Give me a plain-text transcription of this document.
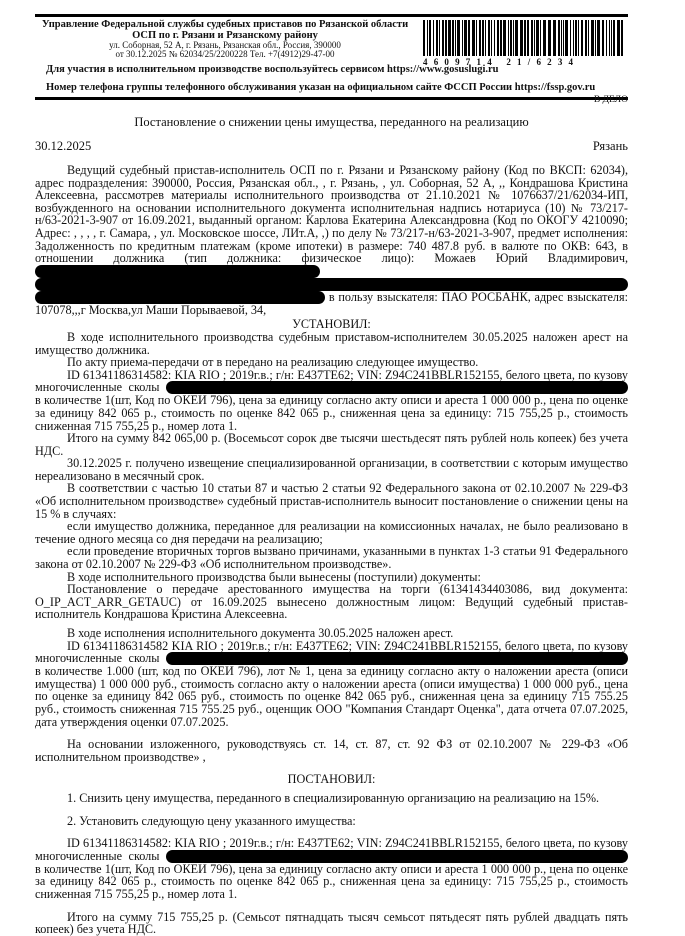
Управление Федеральной службы судебных приставов по Рязанской области
ОСП по г. Рязани и Рязанскому району
ул. Соборная, 52 А, г. Рязань, Рязанская обл., Россия, 390000
от 30.12.2025 № 62034/25/2200228 Тел. +7(4912)29-47-00
4609714 21/6234
Для участия в исполнительном производстве воспользуйтесь сервисом https://www.gosuslugi.ru
Номер телефона группы телефонного обслуживания указан на официальном сайте ФССП России https://fssp.gov.ru
В ДЕЛО
Постановление о снижении цены имущества, переданного на реализацию
30.12.2025	Рязань

Ведущий судебный пристав-исполнитель ОСП по г. Рязани и Рязанскому району (Код по ВКСП: 62034), адрес подразделения: 390000, Россия, Рязанская обл., , г. Рязань, , ул. Соборная, 52 А, ,, Кондрашова Кристина Алексеевна, рассмотрев материалы исполнительного производства от 21.10.2021 № 1076637/21/62034-ИП, возбужденного на основании исполнительного документа исполнительная надпись нотариуса (10) № 73/217-н/63-2021-3-907 от 16.09.2021, выданный органом: Карлова Екатерина Александровна (Код по ОКОГУ 4210090; Адрес: , , , , г. Самара, , ул. Московское шоссе, ЛИт.А, ,) по делу № 73/217-н/63-2021-3-907, предмет исполнения: Задолженность по кредитным платежам (кроме ипотеки) в размере: 740 487.8 руб. в валюте по ОКВ: 643, в отношении должника (тип должника: физическое лицо): Можаев Юрий Владимирович,  в пользу взыскателя: ПАО РОСБАНК, адрес взыскателя: 107078,,,г Москва,ул Маши Порываевой, 34,

УСТАНОВИЛ:

В ходе исполнительного производства судебным приставом-исполнителем 30.05.2025 наложен арест на имущество должника.

По акту приема-передачи от в передано на реализацию следующее имущество.

ID 61341186314582: KIA RIO ; 2019г.в.; г/н: Е437ТЕ62; VIN: Z94C241BBLR152155, белого цвета, по кузову многочисленные сколы  в количестве 1(шт, Код по ОКЕИ 796), цена за единицу согласно акту описи и ареста 1 000 000 р., цена по оценке за единицу 842 065 р., стоимость по оценке 842 065 р., сниженная цена за единицу: 715 755,25 р., стоимость сниженная 715 755,25 р., номер лота 1.

Итого на сумму 842 065,00 р. (Восемьсот сорок две тысячи шестьдесят пять рублей ноль копеек) без учета НДС.

30.12.2025 г. получено извещение специализированной организации, в соответствии с которым имущество нереализовано в месячный срок.

В соответствии с частью 10 статьи 87 и частью 2 статьи 92 Федерального закона от 02.10.2007 № 229-ФЗ «Об исполнительном производстве» судебный пристав-исполнитель выносит постановление о снижении цены на 15 % в случаях:

если имущество должника, переданное для реализации на комиссионных началах, не было реализовано в течение одного месяца со дня передачи на реализацию;

если проведение вторичных торгов вызвано причинами, указанными в пунктах 1-3 статьи 91 Федерального закона от 02.10.2007 № 229-ФЗ «Об исполнительном производстве».

В ходе исполнительного производства были вынесены (поступили) документы:

Постановление о передаче арестованного имущества на торги (61341434403086, вид документа: O_IP_ACT_ARR_GETAUC) от 16.09.2025 вынесено должностным лицом: Ведущий судебный пристав-исполнитель Кондрашова Кристина Алексеевна.

В ходе исполнения исполнительного документа 30.05.2025 наложен арест.

ID 61341186314582 KIA RIO ; 2019г.в.; г/н: Е437ТЕ62; VIN: Z94C241BBLR152155, белого цвета, по кузову многочисленные сколы  в количестве 1.000 (шт, код по ОКЕИ 796), лот № 1, цена за единицу согласно акту о наложении ареста (описи имущества) 1 000 000 руб., стоимость согласно акту о наложении ареста (описи имущества) 1 000 000 руб., цена по оценке за единицу 842 065 руб., стоимость по оценке 842 065 руб., сниженная цена за единицу 715 755.25 руб., стоимость сниженная 715 755.25 руб., оценщик ООО "Компания Стандарт Оценка", дата отчета 07.07.2025, дата утверждения оценки 07.07.2025.

На основании изложенного, руководствуясь ст. 14, ст. 87, ст. 92 ФЗ от 02.10.2007 № 229-ФЗ «Об исполнительном производстве» ,

ПОСТАНОВИЛ:

1. Снизить цену имущества, переданного в специализированную организацию на реализацию на 15%.

2. Установить следующую цену указанного имущества:

ID 61341186314582: KIA RIO ; 2019г.в.; г/н: Е437ТЕ62; VIN: Z94C241BBLR152155, белого цвета, по кузову многочисленные сколы  в количестве 1(шт, Код по ОКЕИ 796), цена за единицу согласно акту описи и ареста 1 000 000 р., цена по оценке за единицу 842 065 р., стоимость по оценке 842 065 р., сниженная цена за единицу: 715 755,25 р., стоимость сниженная 715 755,25 р., номер лота 1.

Итого на сумму 715 755,25 р. (Семьсот пятнадцать тысяч семьсот пятьдесят пять рублей двадцать пять копеек) без учета НДС.
